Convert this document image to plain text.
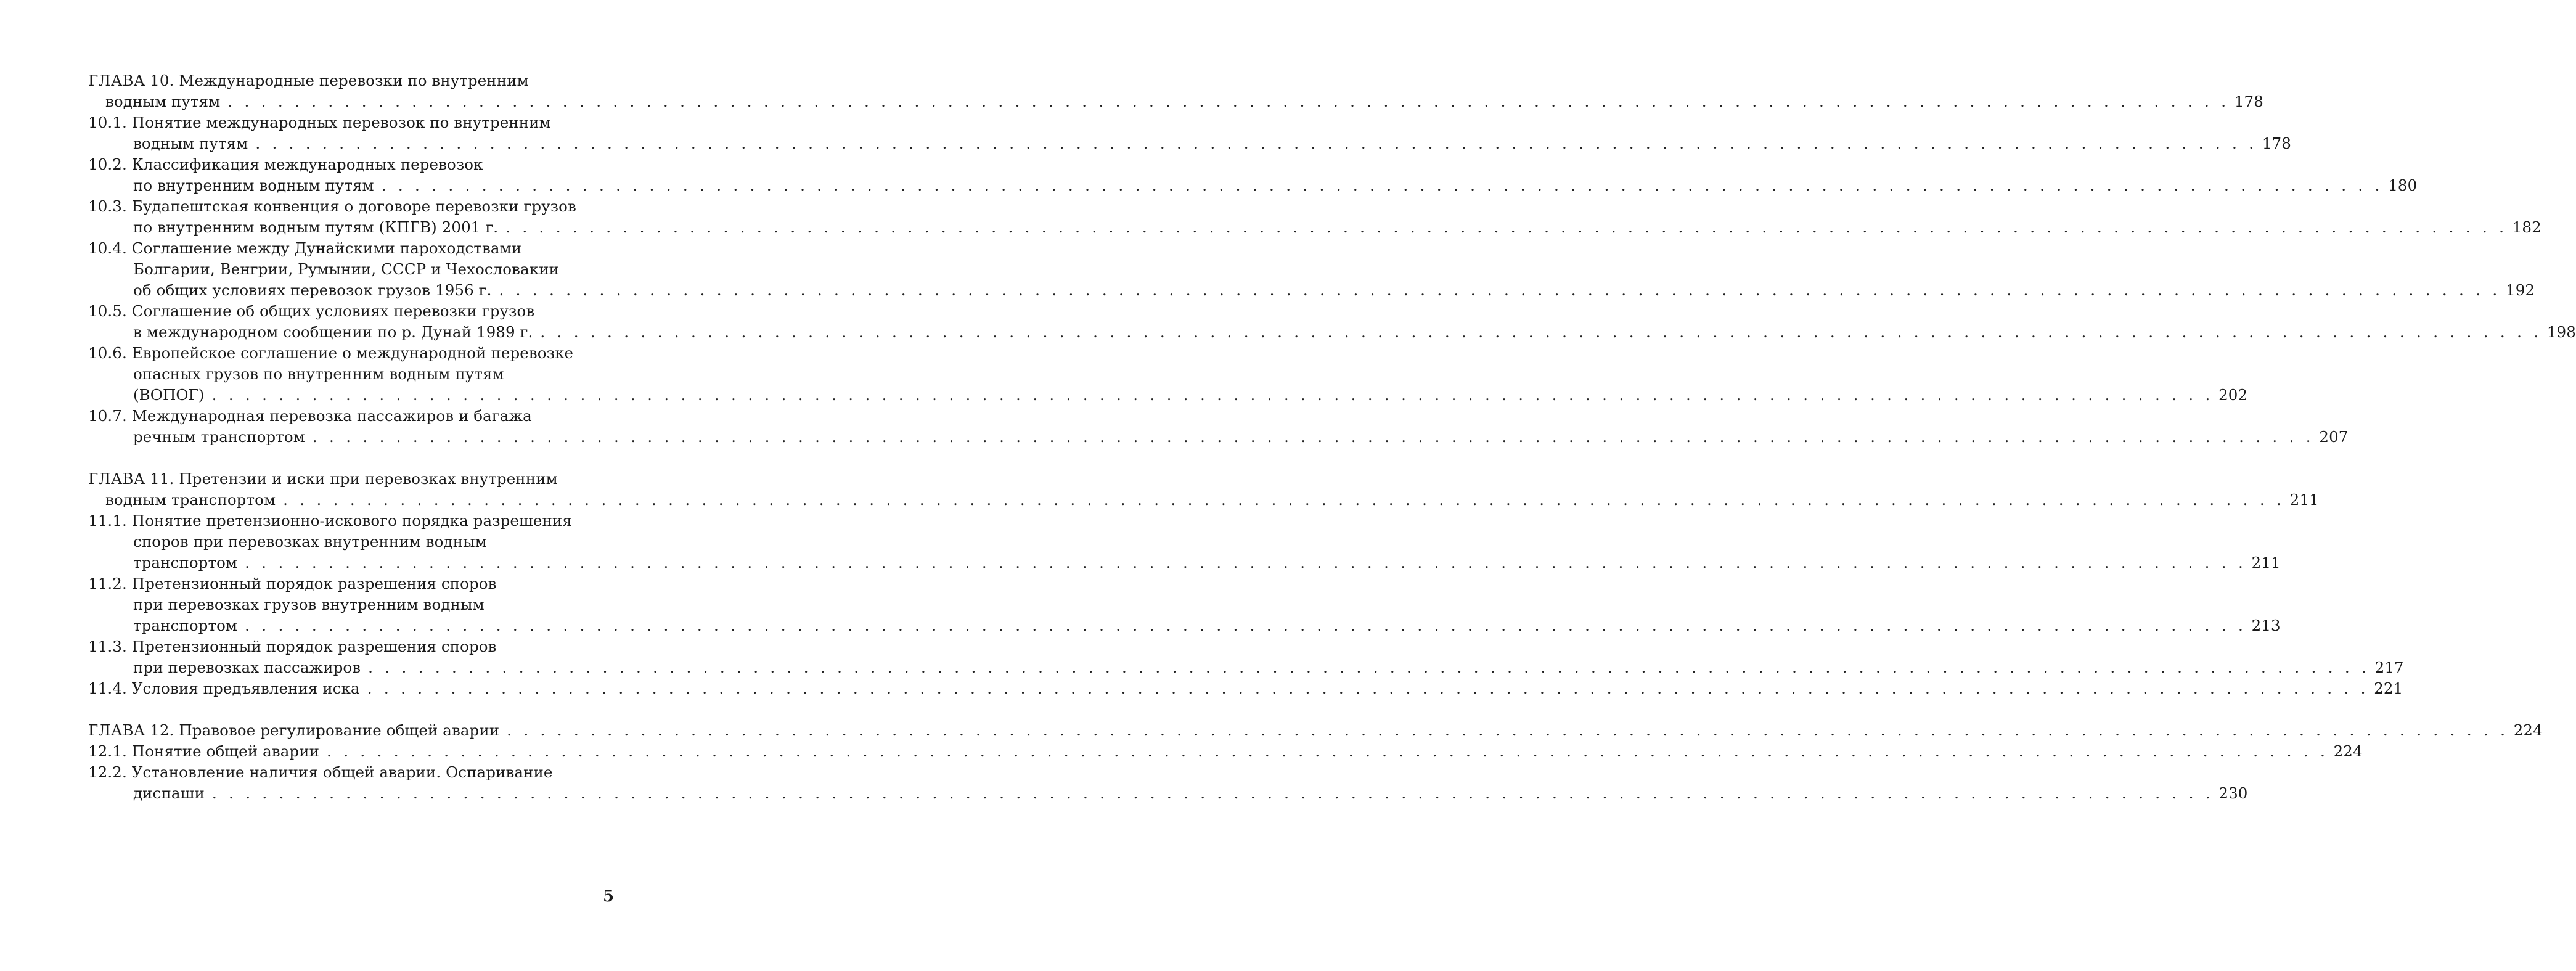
ГЛАВА 10. Международные перевозки по внутренним
водным путям . . . . . . . . . . . . . . . . . . . . . . . . . . . . . . . . . . . . . . . . . . . . . . . . . . . . . . . . . . . . . . . . . . . . . . . . . . . . . . . . . . . . . . . . . . . . . . . . . . . . . . . . . . . . . . . . . . . . . . . . 178
10.1.
Понятие международных перевозок по внутренним
водным путям . . . . . . . . . . . . . . . . . . . . . . . . . . . . . . . . . . . . . . . . . . . . . . . . . . . . . . . . . . . . . . . . . . . . . . . . . . . . . . . . . . . . . . . . . . . . . . . . . . . . . . . . . . . . . . . . . . . . . . . . 178
10.2.
Классификация международных перевозок
по внутренним водным путям . . . . . . . . . . . . . . . . . . . . . . . . . . . . . . . . . . . . . . . . . . . . . . . . . . . . . . . . . . . . . . . . . . . . . . . . . . . . . . . . . . . . . . . . . . . . . . . . . . . . . . . . . . . . . . . . . . . . . . . . 180
10.3.
Будапештская конвенция о договоре перевозки грузов
по внутренним водным путям (КПГВ) 2001 г. . . . . . . . . . . . . . . . . . . . . . . . . . . . . . . . . . . . . . . . . . . . . . . . . . . . . . . . . . . . . . . . . . . . . . . . . . . . . . . . . . . . . . . . . . . . . . . . . . . . . . . . . . . . . . . . . . . . . . . . . 182
10.4.
Соглашение между Дунайскими пароходствами
Болгарии, Венгрии, Румынии, СССР и Чехословакии
об общих условиях перевозок грузов 1956 г. . . . . . . . . . . . . . . . . . . . . . . . . . . . . . . . . . . . . . . . . . . . . . . . . . . . . . . . . . . . . . . . . . . . . . . . . . . . . . . . . . . . . . . . . . . . . . . . . . . . . . . . . . . . . . . . . . . . . . . . . 192
10.5.
Соглашение об общих условиях перевозки грузов
в международном сообщении по р. Дунай 1989 г. . . . . . . . . . . . . . . . . . . . . . . . . . . . . . . . . . . . . . . . . . . . . . . . . . . . . . . . . . . . . . . . . . . . . . . . . . . . . . . . . . . . . . . . . . . . . . . . . . . . . . . . . . . . . . . . . . . . . . . . . 198
10.6.
Европейское соглашение о международной перевозке
опасных грузов по внутренним водным путям
(ВОПОГ) . . . . . . . . . . . . . . . . . . . . . . . . . . . . . . . . . . . . . . . . . . . . . . . . . . . . . . . . . . . . . . . . . . . . . . . . . . . . . . . . . . . . . . . . . . . . . . . . . . . . . . . . . . . . . . . . . . . . . . . . 202
10.7.
Международная перевозка пассажиров и багажа
речным транспортом . . . . . . . . . . . . . . . . . . . . . . . . . . . . . . . . . . . . . . . . . . . . . . . . . . . . . . . . . . . . . . . . . . . . . . . . . . . . . . . . . . . . . . . . . . . . . . . . . . . . . . . . . . . . . . . . . . . . . . . . 207
ГЛАВА 11. Претензии и иски при перевозках внутренним
водным транспортом . . . . . . . . . . . . . . . . . . . . . . . . . . . . . . . . . . . . . . . . . . . . . . . . . . . . . . . . . . . . . . . . . . . . . . . . . . . . . . . . . . . . . . . . . . . . . . . . . . . . . . . . . . . . . . . . . . . . . . . . 211
11.1.
Понятие претензионно-искового порядка разрешения
споров при перевозках внутренним водным
транспортом . . . . . . . . . . . . . . . . . . . . . . . . . . . . . . . . . . . . . . . . . . . . . . . . . . . . . . . . . . . . . . . . . . . . . . . . . . . . . . . . . . . . . . . . . . . . . . . . . . . . . . . . . . . . . . . . . . . . . . . . 211
11.2.
Претензионный порядок разрешения споров
при перевозках грузов внутренним водным
транспортом . . . . . . . . . . . . . . . . . . . . . . . . . . . . . . . . . . . . . . . . . . . . . . . . . . . . . . . . . . . . . . . . . . . . . . . . . . . . . . . . . . . . . . . . . . . . . . . . . . . . . . . . . . . . . . . . . . . . . . . . 213
11.3.
Претензионный порядок разрешения споров
при перевозках пассажиров . . . . . . . . . . . . . . . . . . . . . . . . . . . . . . . . . . . . . . . . . . . . . . . . . . . . . . . . . . . . . . . . . . . . . . . . . . . . . . . . . . . . . . . . . . . . . . . . . . . . . . . . . . . . . . . . . . . . . . . . 217
11.4.
Условия предъявления иска . . . . . . . . . . . . . . . . . . . . . . . . . . . . . . . . . . . . . . . . . . . . . . . . . . . . . . . . . . . . . . . . . . . . . . . . . . . . . . . . . . . . . . . . . . . . . . . . . . . . . . . . . . . . . . . . . . . . . . . . 221
ГЛАВА 12. Правовое регулирование общей аварии . . . . . . . . . . . . . . . . . . . . . . . . . . . . . . . . . . . . . . . . . . . . . . . . . . . . . . . . . . . . . . . . . . . . . . . . . . . . . . . . . . . . . . . . . . . . . . . . . . . . . . . . . . . . . . . . . . . . . . . . 224
12.1.
Понятие общей аварии . . . . . . . . . . . . . . . . . . . . . . . . . . . . . . . . . . . . . . . . . . . . . . . . . . . . . . . . . . . . . . . . . . . . . . . . . . . . . . . . . . . . . . . . . . . . . . . . . . . . . . . . . . . . . . . . . . . . . . . . 224
12.2.
Установление наличия общей аварии. Оспаривание
диспаши . . . . . . . . . . . . . . . . . . . . . . . . . . . . . . . . . . . . . . . . . . . . . . . . . . . . . . . . . . . . . . . . . . . . . . . . . . . . . . . . . . . . . . . . . . . . . . . . . . . . . . . . . . . . . . . . . . . . . . . . 230
5
